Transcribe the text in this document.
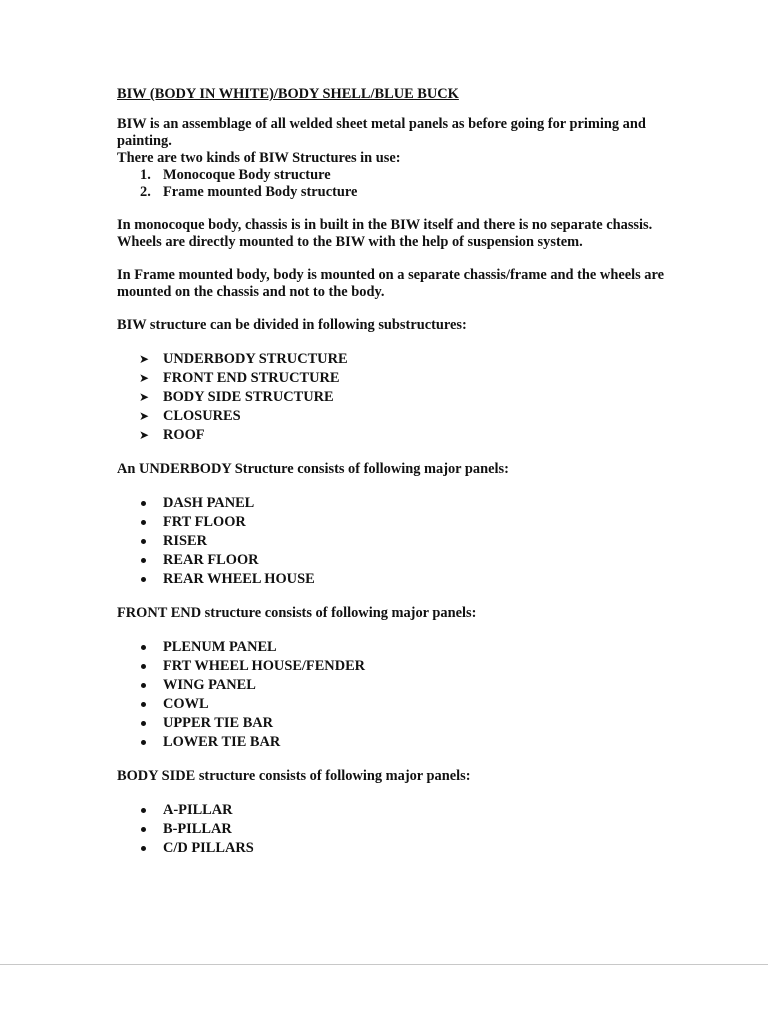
BIW (BODY IN WHITE)/BODY SHELL/BLUE BUCK

BIW is an assemblage of all welded sheet metal panels as before going for priming and painting.

There are two kinds of BIW Structures in use:

1. Monocoque Body structure
2. Frame mounted Body structure

In monocoque body, chassis is in built in the BIW itself and there is no separate chassis. Wheels are directly mounted to the BIW with the help of suspension system.

In Frame mounted body, body is mounted on a separate chassis/frame and the wheels are mounted on the chassis and not to the body.

BIW structure can be divided in following substructures:

➤ UNDERBODY STRUCTURE
➤ FRONT END STRUCTURE
➤ BODY SIDE STRUCTURE
➤ CLOSURES
➤ ROOF

An UNDERBODY Structure consists of following major panels:

DASH PANEL
FRT FLOOR
RISER
REAR FLOOR
REAR WHEEL HOUSE

FRONT END structure consists of following major panels:

PLENUM PANEL
FRT WHEEL HOUSE/FENDER
WING PANEL
COWL
UPPER TIE BAR
LOWER TIE BAR

BODY SIDE structure consists of following major panels:

A-PILLAR
B-PILLAR
C/D PILLARS
